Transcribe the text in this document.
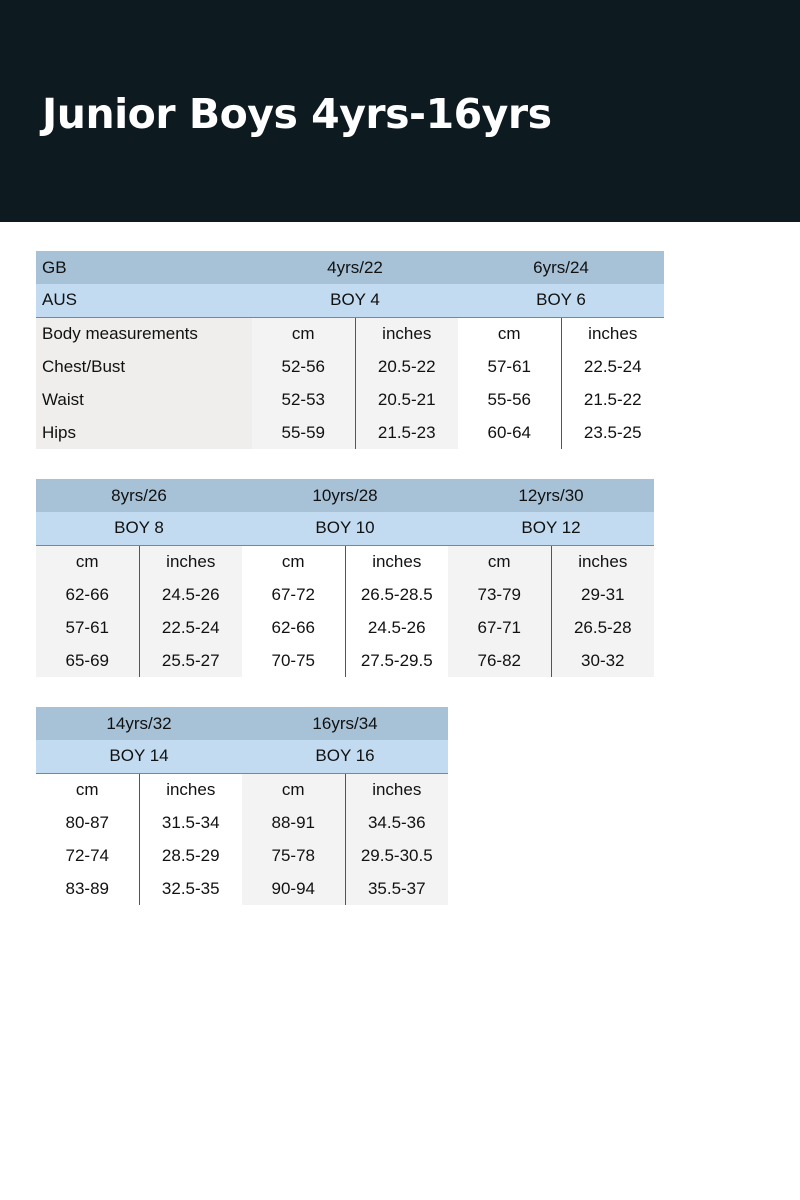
Junior Boys 4yrs-16yrs
GB	4yrs/22		6yrs/24	
AUS	BOY 4		BOY 6	
Body measurements	cm	inches	cm	inches
Chest/Bust	52-56	20.5-22	57-61	22.5-24
Waist	52-53	20.5-21	55-56	21.5-22
Hips	55-59	21.5-23	60-64	23.5-25
8yrs/26		10yrs/28		12yrs/30	
BOY 8		BOY 10		BOY 12	
cm	inches	cm	inches	cm	inches
62-66	24.5-26	67-72	26.5-28.5	73-79	29-31
57-61	22.5-24	62-66	24.5-26	67-71	26.5-28
65-69	25.5-27	70-75	27.5-29.5	76-82	30-32
14yrs/32		16yrs/34	
BOY 14		BOY 16	
cm	inches	cm	inches
80-87	31.5-34	88-91	34.5-36
72-74	28.5-29	75-78	29.5-30.5
83-89	32.5-35	90-94	35.5-37
